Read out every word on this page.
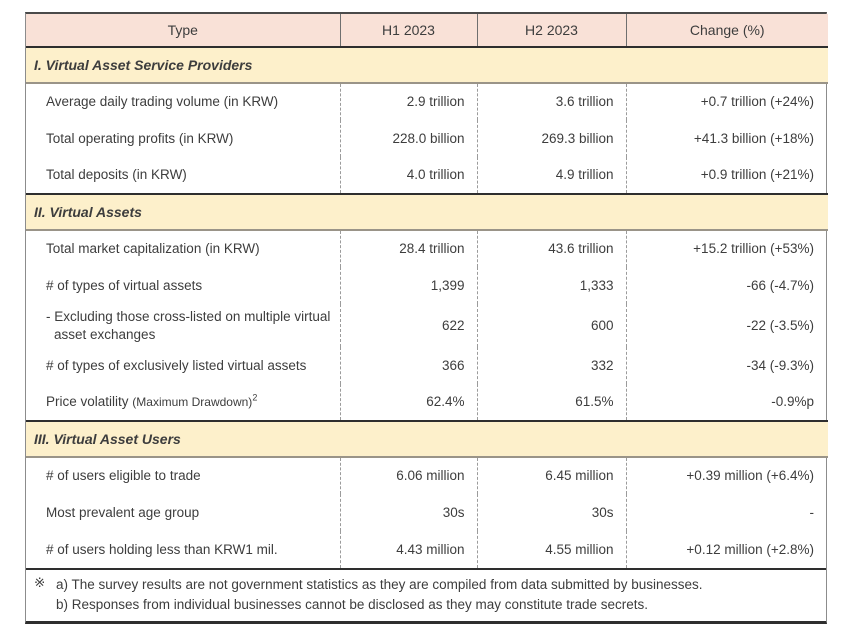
Type	H1 2023	H2 2023	Change (%)
I. Virtual Asset Service Providers			
Average daily trading volume (in KRW)	2.9 trillion	3.6 trillion	+0.7 trillion (+24%)
Total operating profits (in KRW)	228.0 billion	269.3 billion	+41.3 billion (+18%)
Total deposits (in KRW)	4.0 trillion	4.9 trillion	+0.9 trillion (+21%)
II. Virtual Assets			
Total market capitalization (in KRW)	28.4 trillion	43.6 trillion	+15.2 trillion (+53%)
# of types of virtual assets	1,399	1,333	-66 (-4.7%)
- Excluding those cross-listed on multiple virtual asset exchanges	622	600	-22 (-3.5%)
# of types of exclusively listed virtual assets	366	332	-34 (-9.3%)
Price volatility (Maximum Drawdown)$^2$	62.4%	61.5%	-0.9%p
III. Virtual Asset Users			
# of users eligible to trade	6.06 million	6.45 million	+0.39 million (+6.4%)
Most prevalent age group	30s	30s	-
# of users holding less than KRW1 mil.	4.43 million	4.55 million	+0.12 million (+2.8%)
※ a) The survey results are not government statistics as they are compiled from data submitted by businesses.
b) Responses from individual businesses cannot be disclosed as they may constitute trade secrets.
